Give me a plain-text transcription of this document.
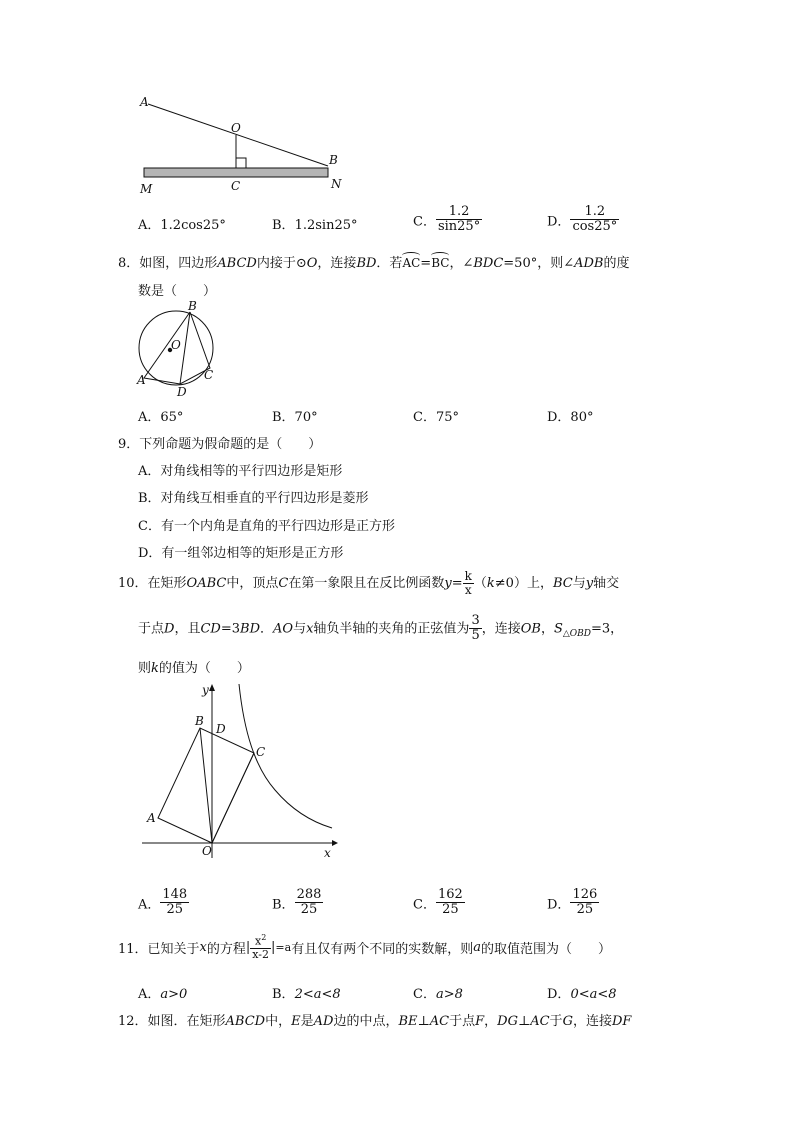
A
O
B
M	C	N
A．1.2cos25°	B．1.2sin25°	C． $\frac{1.2}{\sin 25^\circ}$	D． $\frac{1.2}{\cos 25^\circ}$
8．如图，四边形ABCD内接于⊙O，连接BD．若AC=BC，∠BDC=50°，则∠ADB的度
数是（　　）
B
O
A
D
C
A．65°	B．70°	C．75°	D．80°
9．下列命题为假命题的是（　　）
A．对角线相等的平行四边形是矩形
B．对角线互相垂直的平行四边形是菱形
C．有一个内角是直角的平行四边形是正方形
D．有一组邻边相等的矩形是正方形
10．在矩形OABC中，顶点C在第一象限且在反比例函数$y= \frac{k}{x} (k\ne 0)$上，BC与y轴交
于点D，且CD=3BD．AO与x轴负半轴的夹角的正弦值为 $\frac{3}{5}$ ，连接OB，$S_{\triangle OBD}=3$，
则k的值为（　　）
y
B
D
C
A
O	x
A． $\frac{148}{25}$	B． $\frac{288}{25}$	C． $\frac{162}{25}$	D． $\frac{126}{25}$
11．已知关于x的方程| $\frac{x^2}{x-2} |=a$有且仅有两个不同的实数解，则a的取值范围为（　　）
A．a>0	B．2<a<8	C．a>8	D．0<a<8
12．如图．在矩形ABCD中，E是AD边的中点，BE⊥AC于点F，DG⊥AC于G，连接DF
